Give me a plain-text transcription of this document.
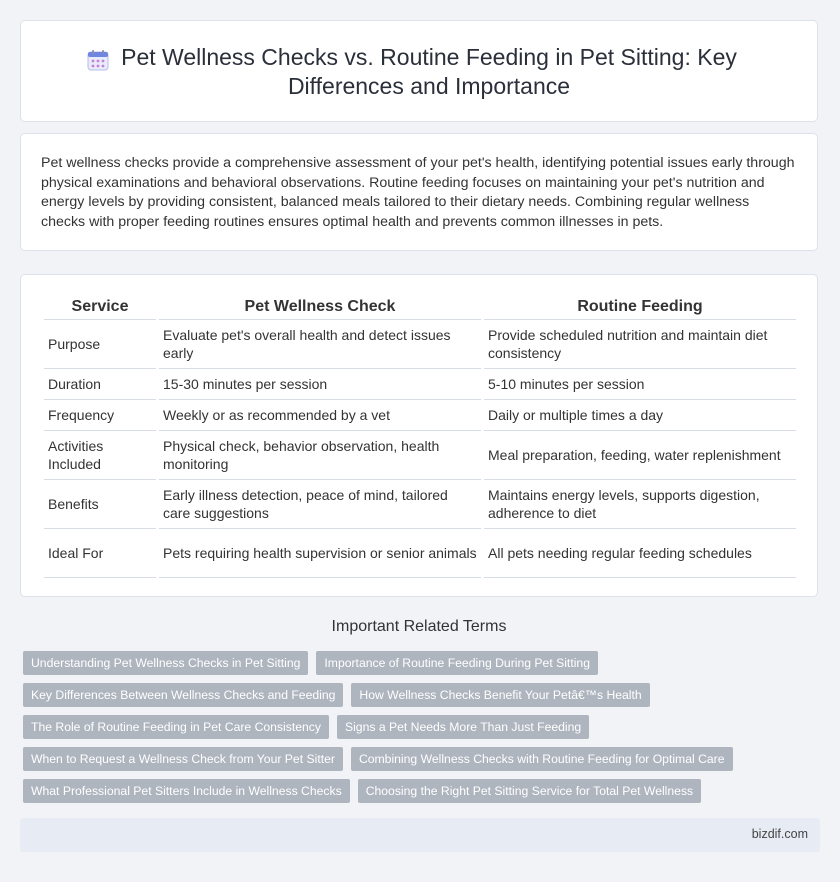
Pet Wellness Checks vs. Routine Feeding in Pet Sitting: Key Differences and Importance
Pet wellness checks provide a comprehensive assessment of your pet's health, identifying potential issues early through physical examinations and behavioral observations. Routine feeding focuses on maintaining your pet's nutrition and energy levels by providing consistent, balanced meals tailored to their dietary needs. Combining regular wellness checks with proper feeding routines ensures optimal health and prevents common illnesses in pets.
Service	Pet Wellness Check	Routine Feeding
Purpose	Evaluate pet's overall health and detect issues early	Provide scheduled nutrition and maintain diet consistency
Duration	15-30 minutes per session	5-10 minutes per session
Frequency	Weekly or as recommended by a vet	Daily or multiple times a day
Activities Included	Physical check, behavior observation, health monitoring	Meal preparation, feeding, water replenishment
Benefits	Early illness detection, peace of mind, tailored care suggestions	Maintains energy levels, supports digestion, adherence to diet
Ideal For	Pets requiring health supervision or senior animals	All pets needing regular feeding schedules
Important Related Terms
Understanding Pet Wellness Checks in Pet Sitting	Importance of Routine Feeding During Pet Sitting
Key Differences Between Wellness Checks and Feeding	How Wellness Checks Benefit Your Petâ€™s Health
The Role of Routine Feeding in Pet Care Consistency	Signs a Pet Needs More Than Just Feeding
When to Request a Wellness Check from Your Pet Sitter	Combining Wellness Checks with Routine Feeding for Optimal Care
What Professional Pet Sitters Include in Wellness Checks	Choosing the Right Pet Sitting Service for Total Pet Wellness
bizdif.com
